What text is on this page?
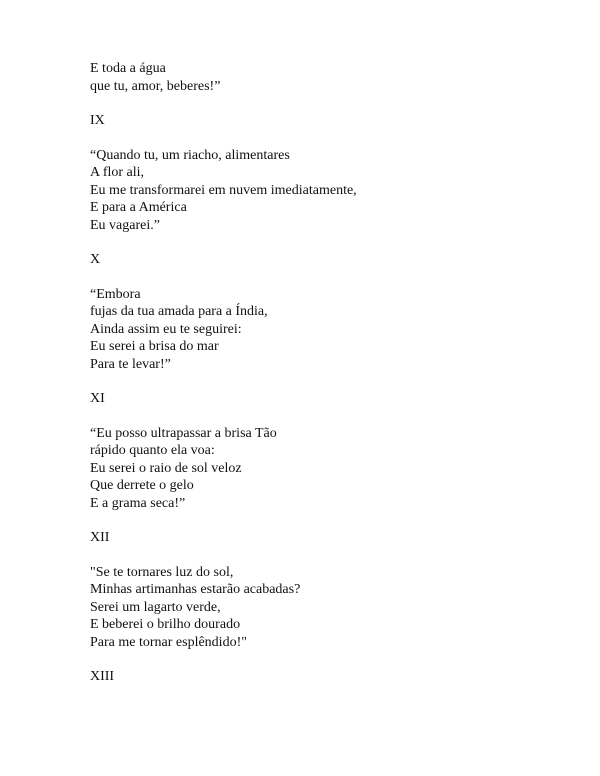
E toda a água
que tu, amor, beberes!”
IX
“Quando tu, um riacho, alimentares
A flor ali,
Eu me transformarei em nuvem imediatamente,
E para a América
Eu vagarei.”
X
“Embora
fujas da tua amada para a Índia,
Ainda assim eu te seguirei:
Eu serei a brisa do mar
Para te levar!”
XI
“Eu posso ultrapassar a brisa Tão
rápido quanto ela voa:
Eu serei o raio de sol veloz
Que derrete o gelo
E a grama seca!”
XII
"Se te tornares luz do sol,
Minhas artimanhas estarão acabadas?
Serei um lagarto verde,
E beberei o brilho dourado
Para me tornar esplêndido!"
XIII
